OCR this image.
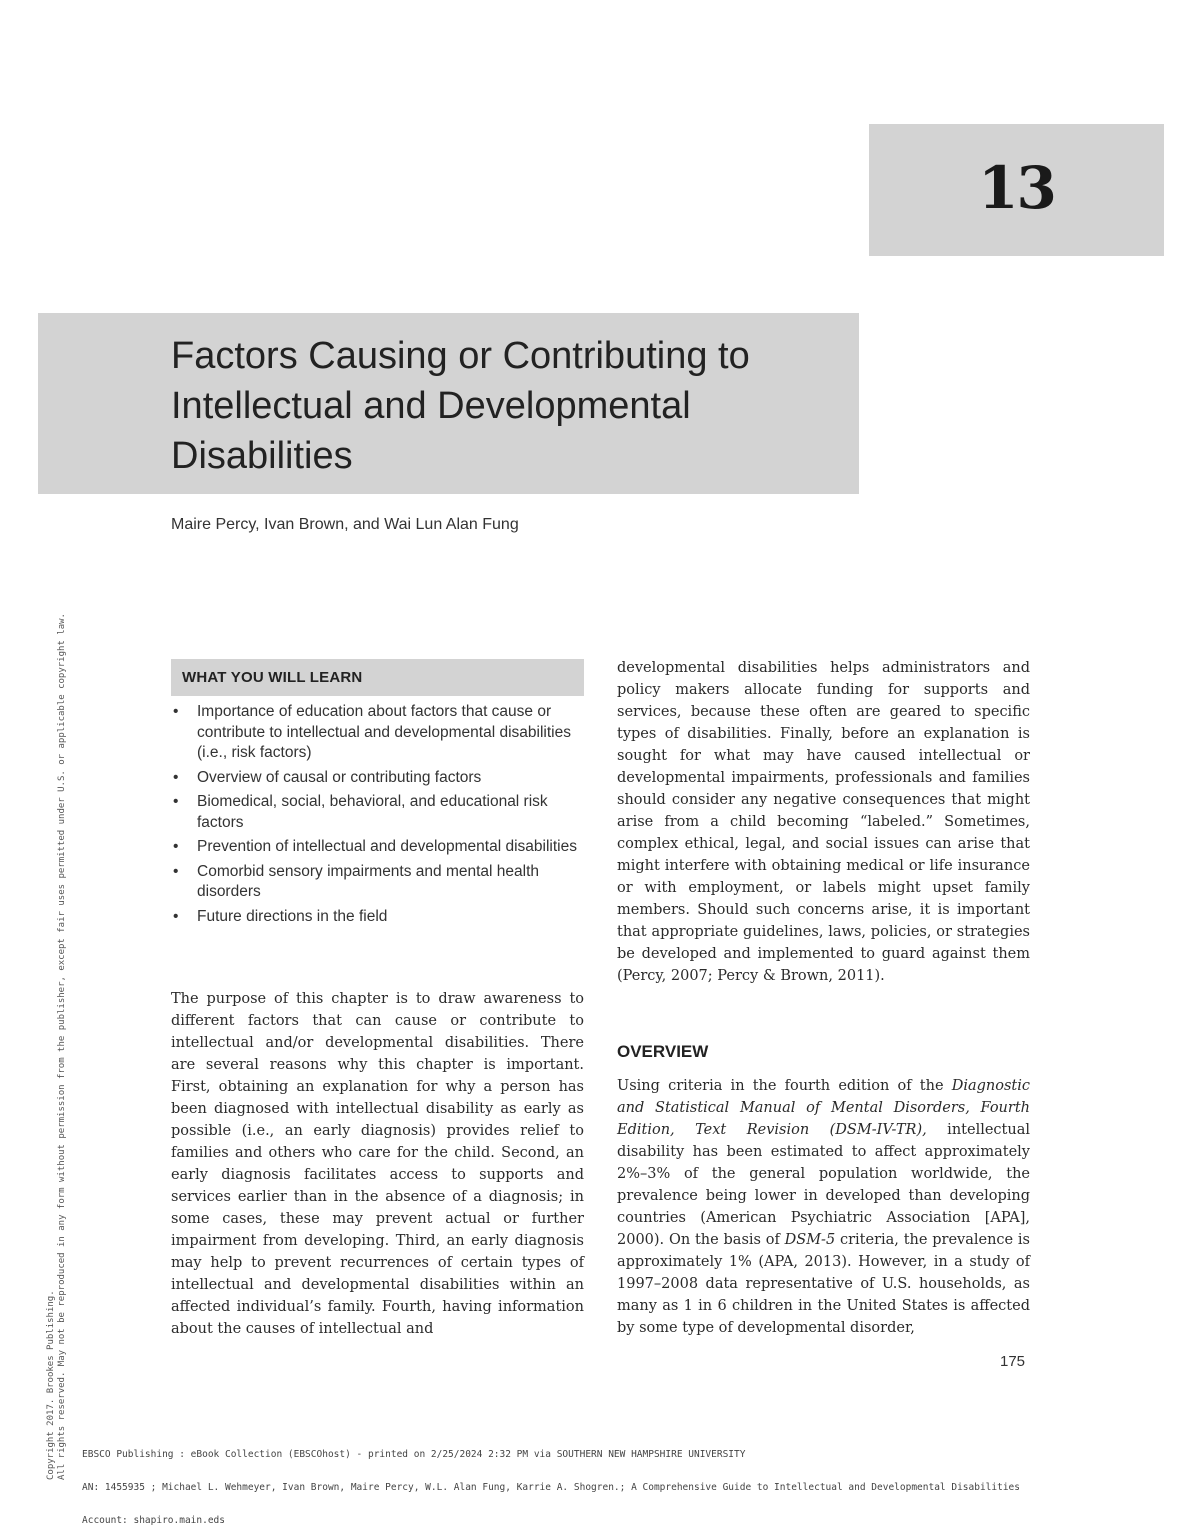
13
Factors Causing or Contributing to Intellectual and Developmental Disabilities
Maire Percy, Ivan Brown, and Wai Lun Alan Fung
Copyright 2017. Brookes Publishing. All rights reserved. May not be reproduced in any form without permission from the publisher, except fair uses permitted under U.S. or applicable copyright law.	WHAT YOU WILL LEARN
• Importance of education about factors that cause or contribute to intellectual and developmental disabilities (i.e., risk factors)
• Overview of causal or contributing factors
• Biomedical, social, behavioral, and educational risk factors
• Prevention of intellectual and developmental disabilities
• Comorbid sensory impairments and mental health disorders
• Future directions in the field

The purpose of this chapter is to draw awareness to different factors that can cause or contribute to intellectual and/or developmental disabilities. There are several reasons why this chapter is important. First, obtaining an explanation for why a person has been diagnosed with intellectual disability as early as possible (i.e., an early diagnosis) provides relief to families and others who care for the child. Second, an early diagnosis facilitates access to supports and services earlier than in the absence of a diagnosis; in some cases, these may prevent actual or further impairment from developing. Third, an early diagnosis may help to prevent recurrences of certain types of intellectual and developmental disabilities within an affected individual’s family. Fourth, having information about the causes of intellectual and

developmental disabilities helps administrators and policy makers allocate funding for supports and services, because these often are geared to specific types of disabilities. Finally, before an explanation is sought for what may have caused intellectual or developmental impairments, professionals and families should consider any negative consequences that might arise from a child becoming “labeled.” Sometimes, complex ethical, legal, and social issues can arise that might interfere with obtaining medical or life insurance or with employment, or labels might upset family members. Should such concerns arise, it is important that appropriate guidelines, laws, policies, or strategies be developed and implemented to guard against them (Percy, 2007; Percy & Brown, 2011).

OVERVIEW

Using criteria in the fourth edition of the Diagnostic and Statistical Manual of Mental Disorders, Fourth Edition, Text Revision (DSM-IV-TR), intellectual disability has been estimated to affect approximately 2%–3% of the general population worldwide, the prevalence being lower in developed than developing countries (American Psychiatric Association [APA], 2000). On the basis of DSM-5 criteria, the prevalence is approximately 1% (APA, 2013). However, in a study of 1997–2008 data representative of U.S. households, as many as 1 in 6 children in the United States is affected by some type of developmental disorder,

175

EBSCO Publishing : eBook Collection (EBSCOhost) - printed on 2/25/2024 2:32 PM via SOUTHERN NEW HAMPSHIRE UNIVERSITY

AN: 1455935 ; Michael L. Wehmeyer, Ivan Brown, Maire Percy, W.L. Alan Fung, Karrie A. Shogren.; A Comprehensive Guide to Intellectual and Developmental Disabilities

Account: shapiro.main.eds
